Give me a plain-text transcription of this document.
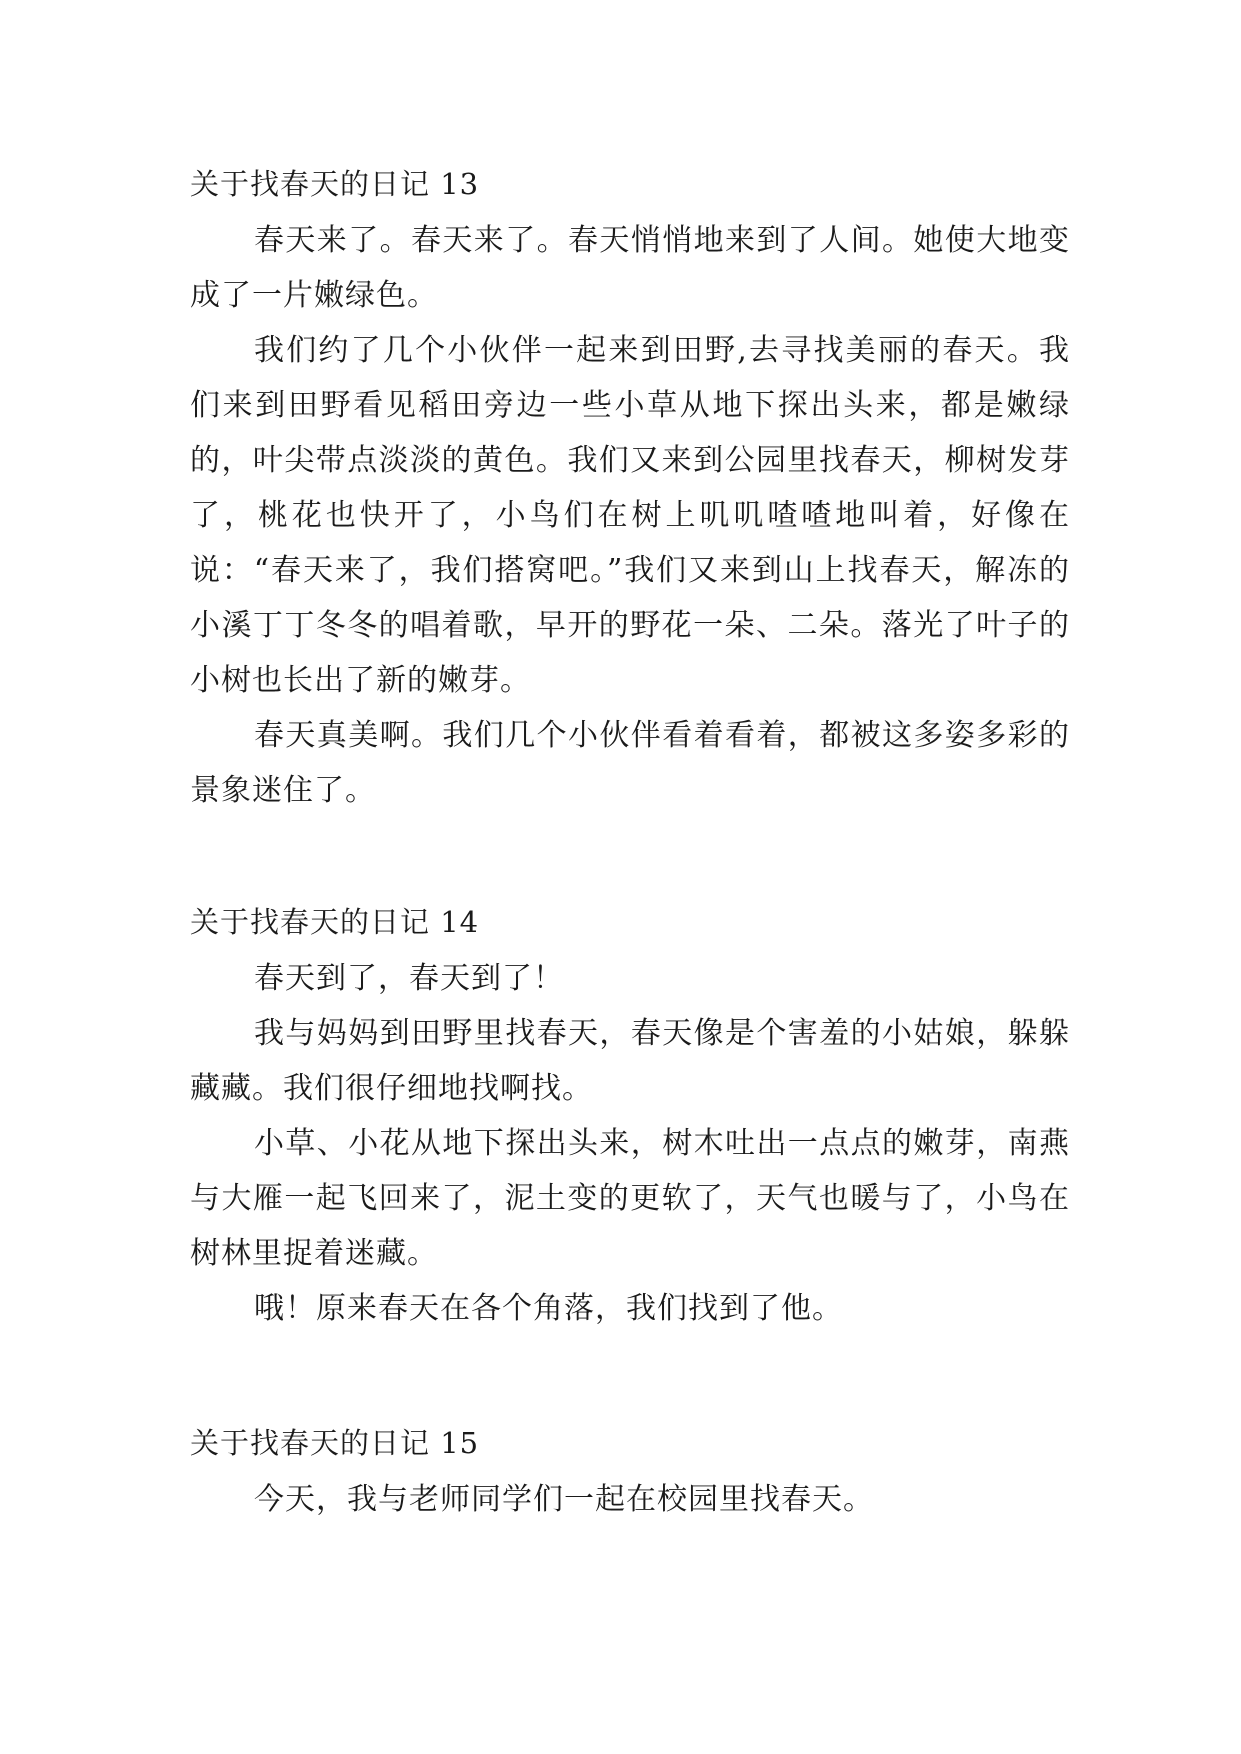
关于找春天的日记 13

春天来了。春天来了。春天悄悄地来到了人间。她使大地变成了一片嫩绿色。

我们约了几个小伙伴一起来到田野,去寻找美丽的春天。我们来到田野看见稻田旁边一些小草从地下探出头来，都是嫩绿的，叶尖带点淡淡的黄色。我们又来到公园里找春天，柳树发芽了，桃花也快开了，小鸟们在树上叽叽喳喳地叫着，好像在说：“春天来了，我们搭窝吧。”我们又来到山上找春天，解冻的小溪丁丁冬冬的唱着歌，早开的野花一朵、二朵。落光了叶子的小树也长出了新的嫩芽。

春天真美啊。我们几个小伙伴看着看着，都被这多姿多彩的景象迷住了。

关于找春天的日记 14

春天到了，春天到了！

我与妈妈到田野里找春天，春天像是个害羞的小姑娘，躲躲藏藏。我们很仔细地找啊找。

小草、小花从地下探出头来，树木吐出一点点的嫩芽，南燕与大雁一起飞回来了，泥土变的更软了，天气也暖与了，小鸟在树林里捉着迷藏。

哦！原来春天在各个角落，我们找到了他。

关于找春天的日记 15

今天，我与老师同学们一起在校园里找春天。
